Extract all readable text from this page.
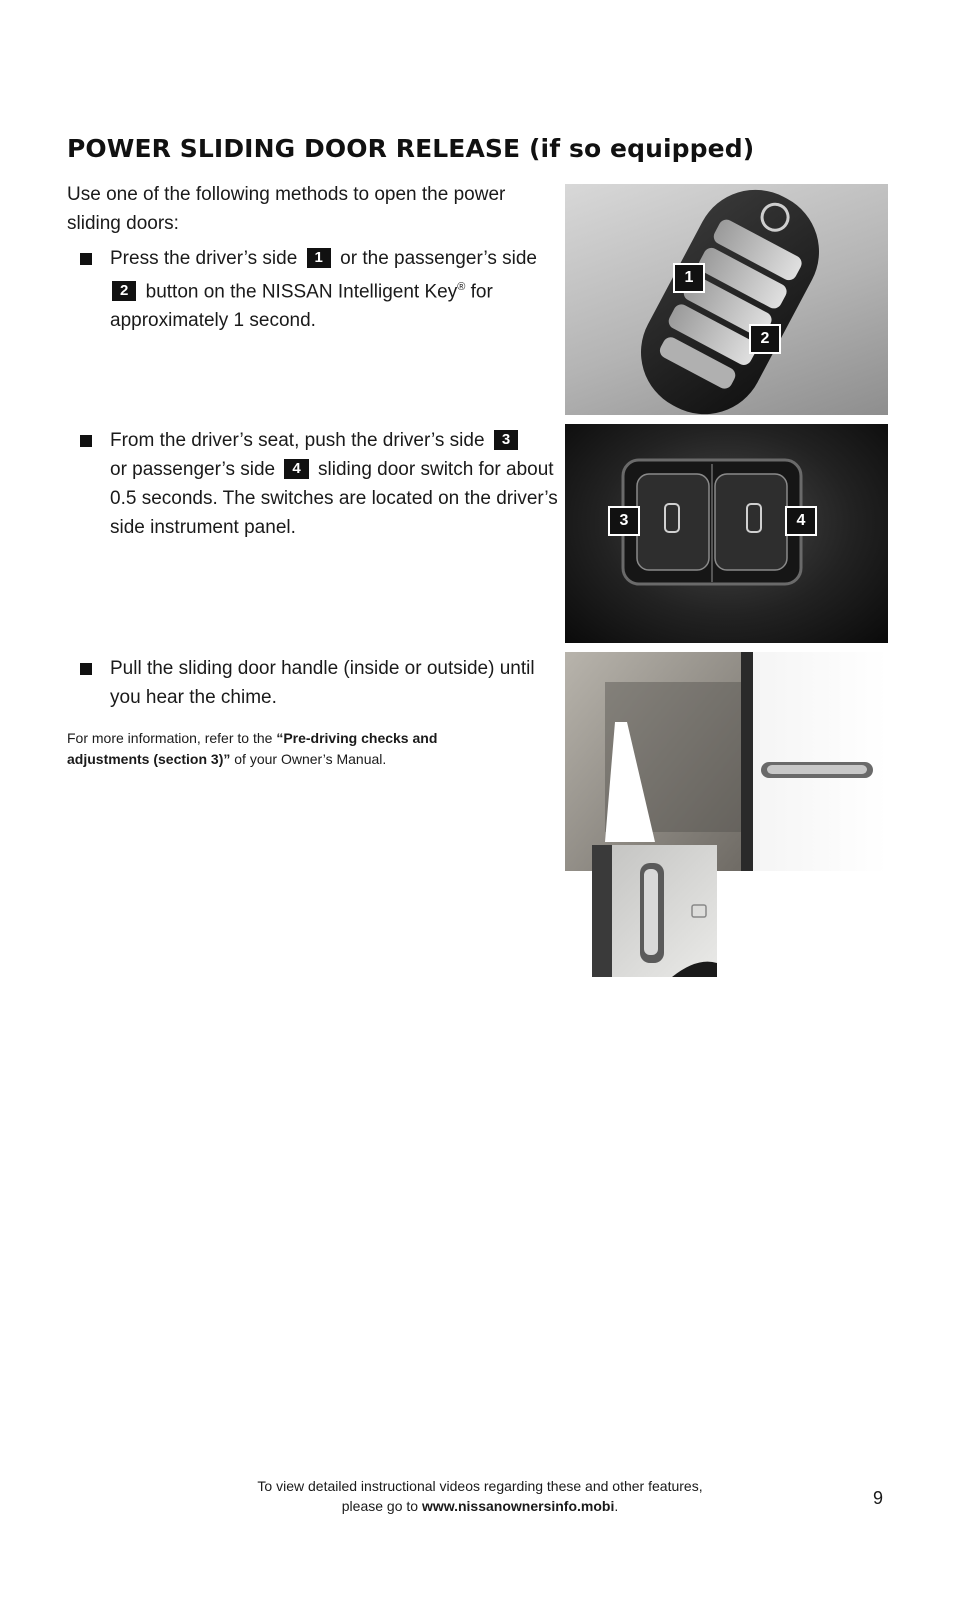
POWER SLIDING DOOR RELEASE (if so equipped)

Use one of the following methods to open the power sliding doors:

Press the driver’s side 1 or the passenger’s side
2 button on the NISSAN Intelligent Key® for approximately 1 second.
From the driver’s seat, push the driver’s side 3
or passenger’s side 4 sliding door switch for about 0.5 seconds. The switches are located on the driver’s side instrument panel.
Pull the sliding door handle (inside or outside) until you hear the chime.

For more information, refer to the “Pre-driving checks and adjustments (section 3)” of your Owner’s Manual.

1
2
3	4
To view detailed instructional videos regarding these and other features,
please go to www.nissanownersinfo.mobi.	9
